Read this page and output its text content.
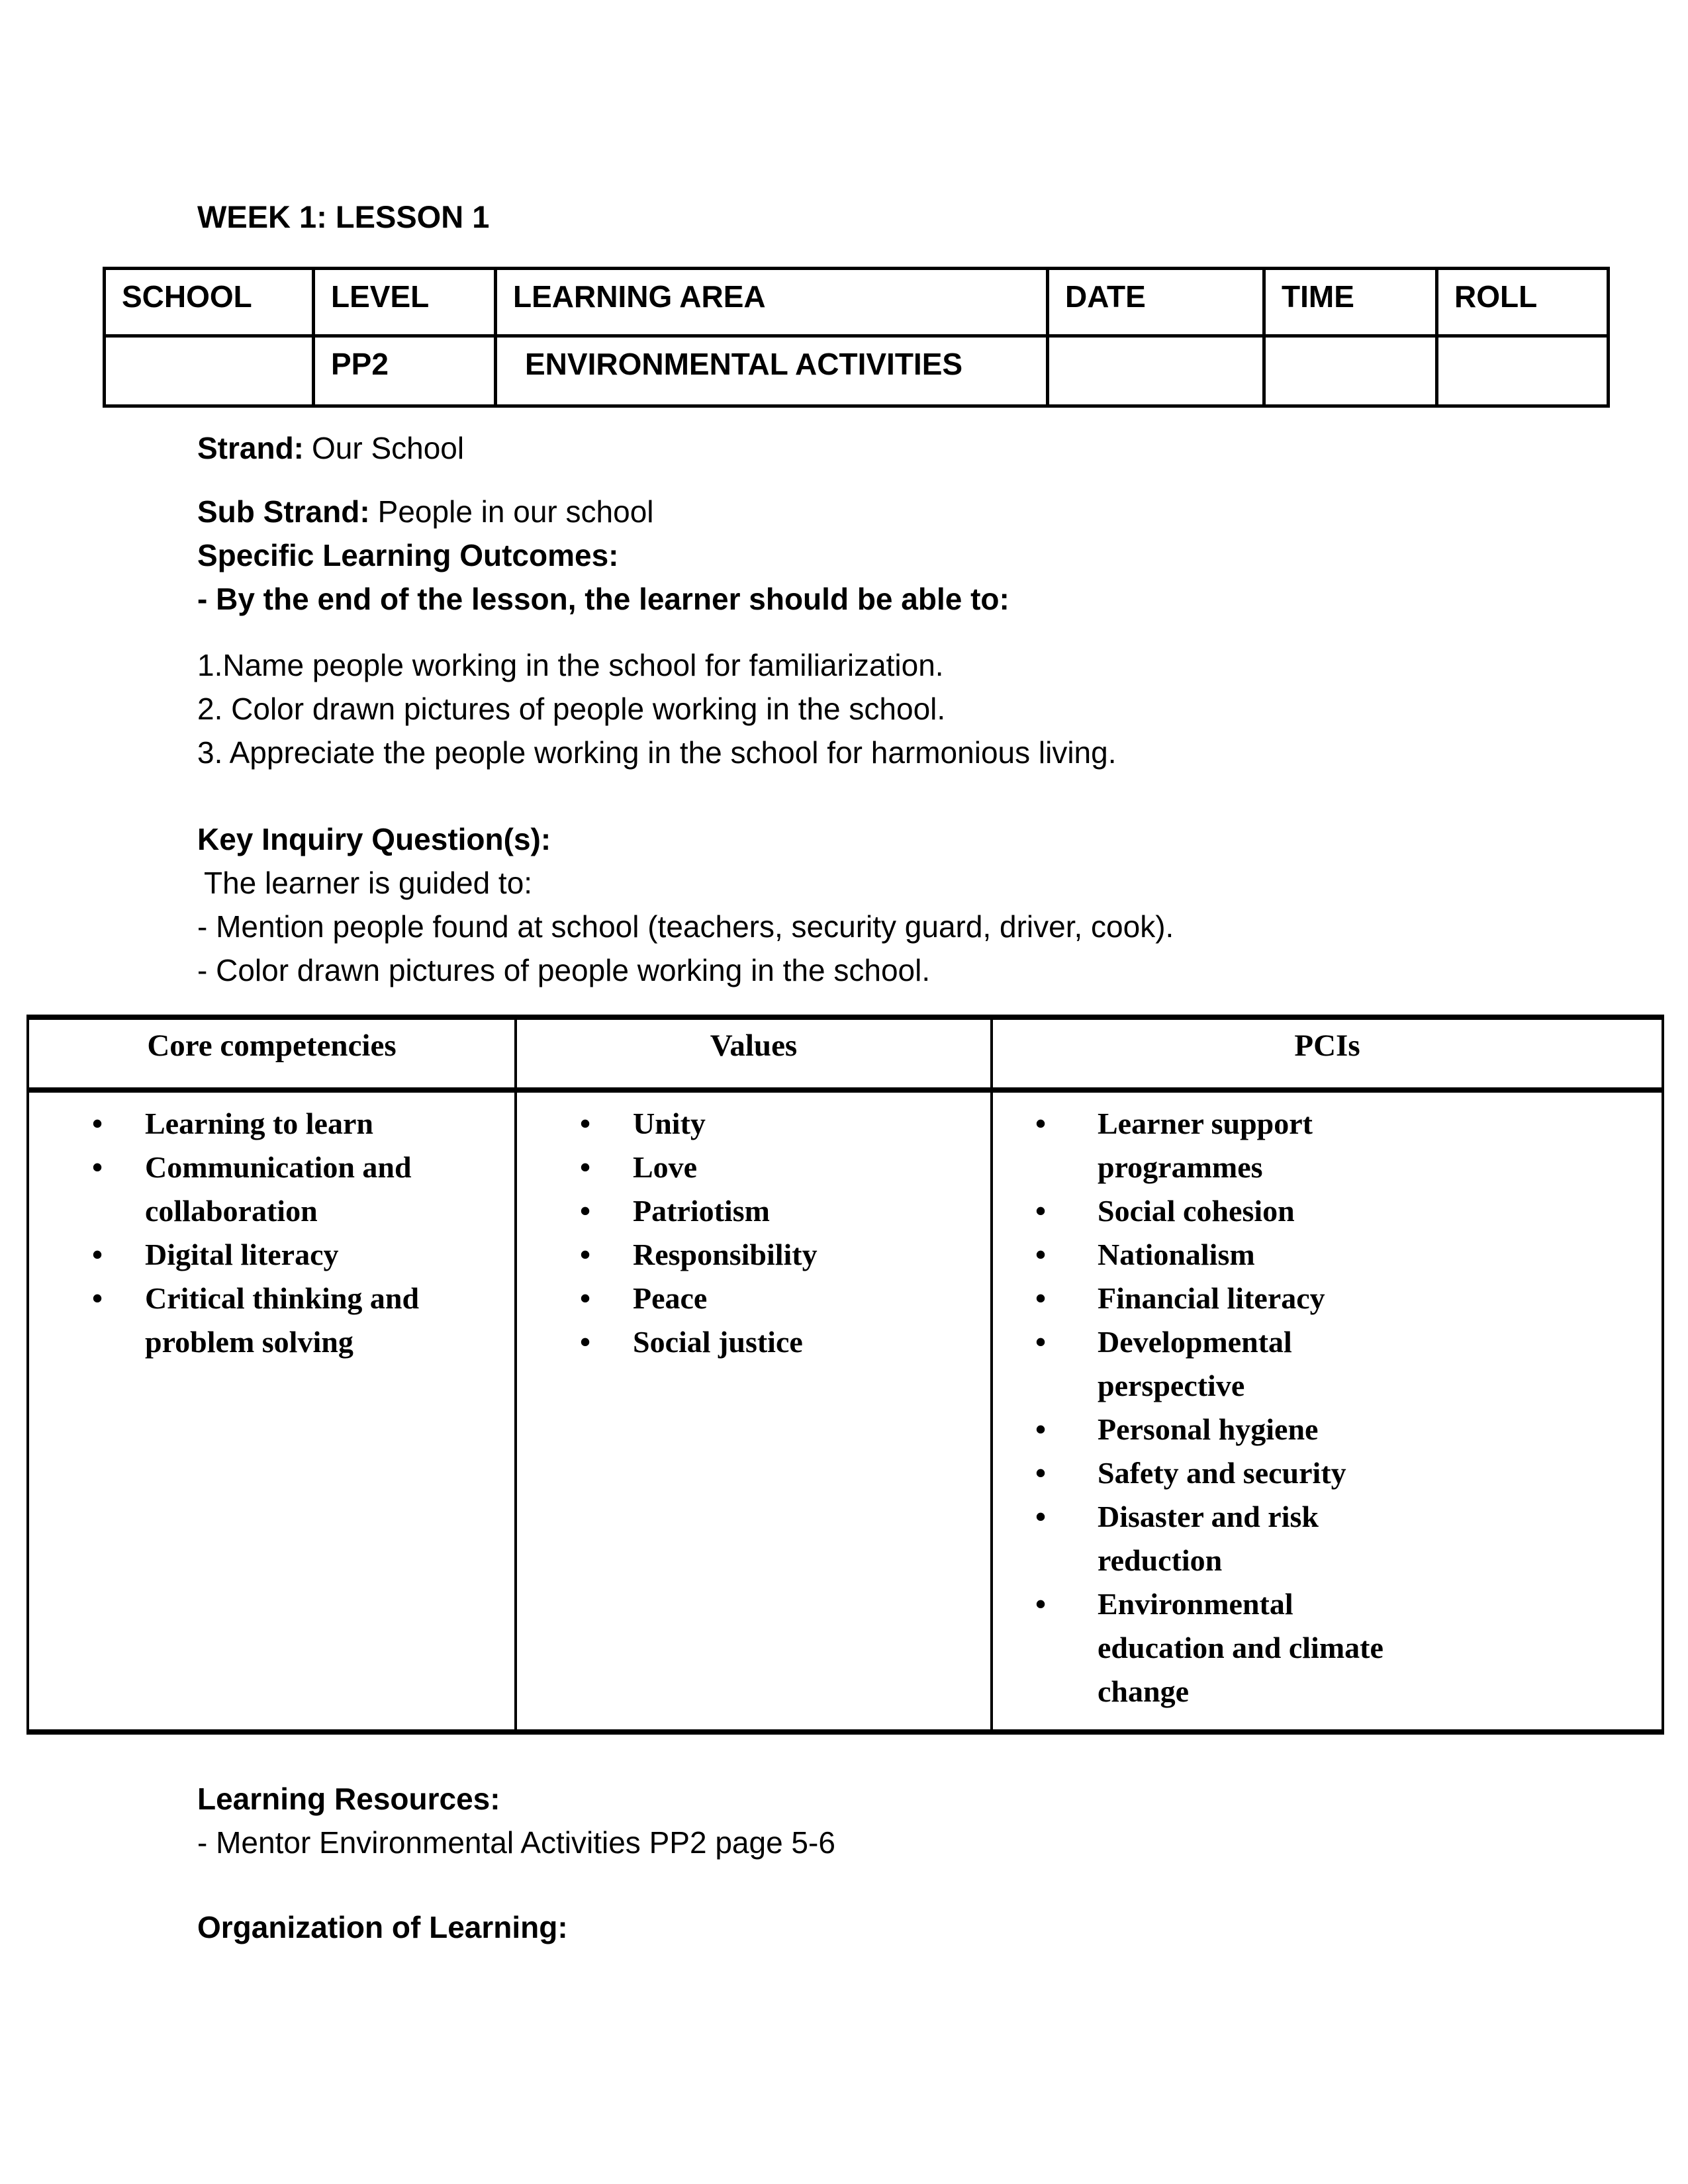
WEEK 1: LESSON 1
SCHOOL	LEVEL	LEARNING AREA	DATE	TIME	ROLL
	PP2	ENVIRONMENTAL ACTIVITIES			
Strand: Our School
Sub Strand: People in our school
Specific Learning Outcomes:
- By the end of the lesson, the learner should be able to:
1.Name people working in the school for familiarization.
2. Color drawn pictures of people working in the school.
3. Appreciate the people working in the school for harmonious living.
Key Inquiry Question(s):
The learner is guided to:
- Mention people found at school (teachers, security guard, driver, cook).
- Color drawn pictures of people working in the school.
Core competencies	Values	PCIs

• Learning to learn
• Communication and collaboration
• Digital literacy
• Critical thinking and problem solving

• Unity
• Love
• Patriotism
• Responsibility
• Peace
• Social justice

• Learner support programmes
• Social cohesion
• Nationalism
• Financial literacy
• Developmental perspective
• Personal hygiene
• Safety and security
• Disaster and risk reduction
• Environmental education and climate change
Learning Resources:
- Mentor Environmental Activities PP2 page 5-6
Organization of Learning:
